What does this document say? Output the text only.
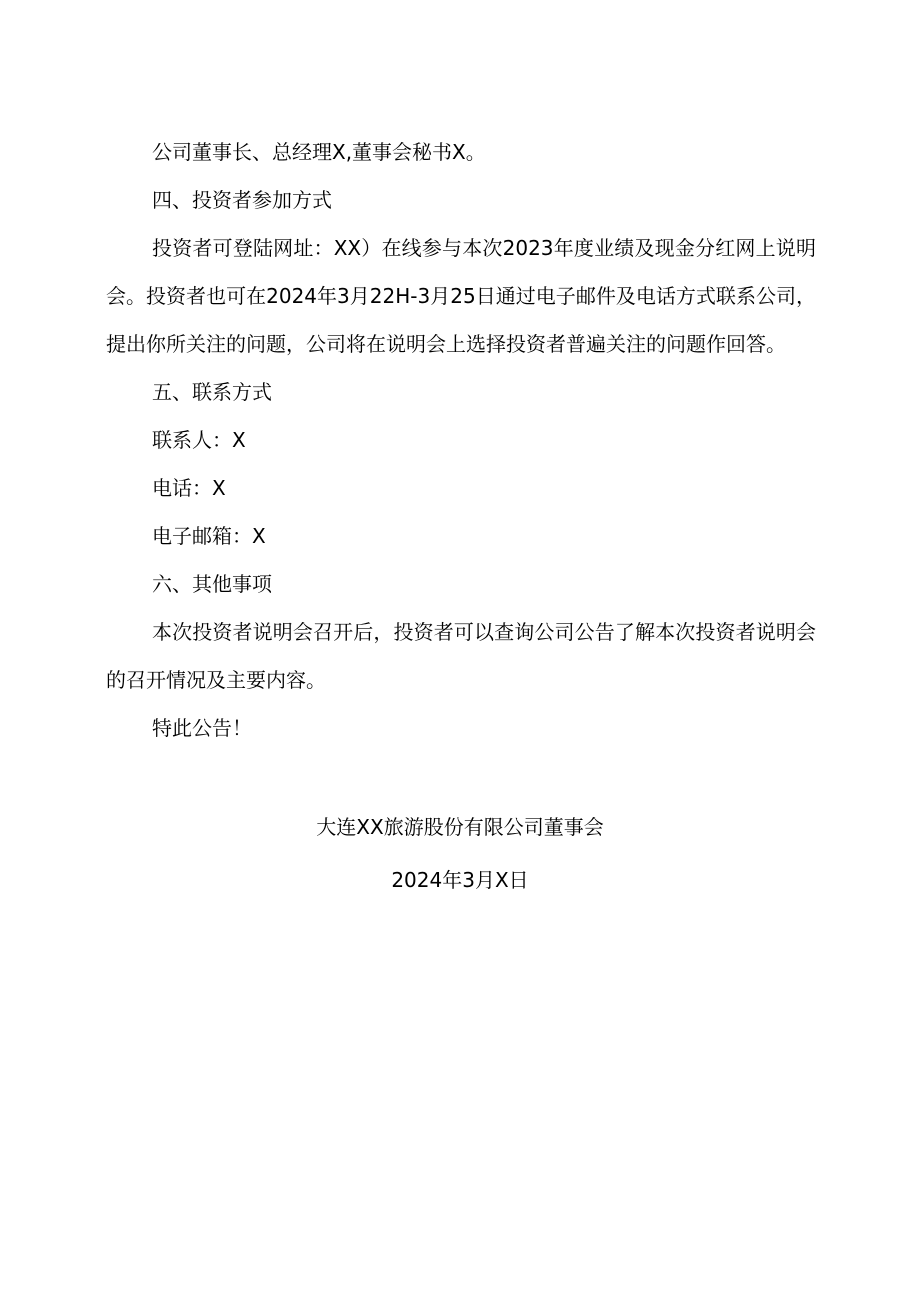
公司董事长、总经理X,董事会秘书X。

四、投资者参加方式

投资者可登陆网址：XX）在线参与本次2023年度业绩及现金分红网上说明会。投资者也可在2024年3月22H-3月25日通过电子邮件及电话方式联系公司，提出你所关注的问题，公司将在说明会上选择投资者普遍关注的问题作回答。

五、联系方式

联系人：X

电话：X

电子邮箱：X

六、其他事项

本次投资者说明会召开后，投资者可以查询公司公告了解本次投资者说明会的召开情况及主要内容。

特此公告！

大连XX旅游股份有限公司董事会
2024年3月X日
